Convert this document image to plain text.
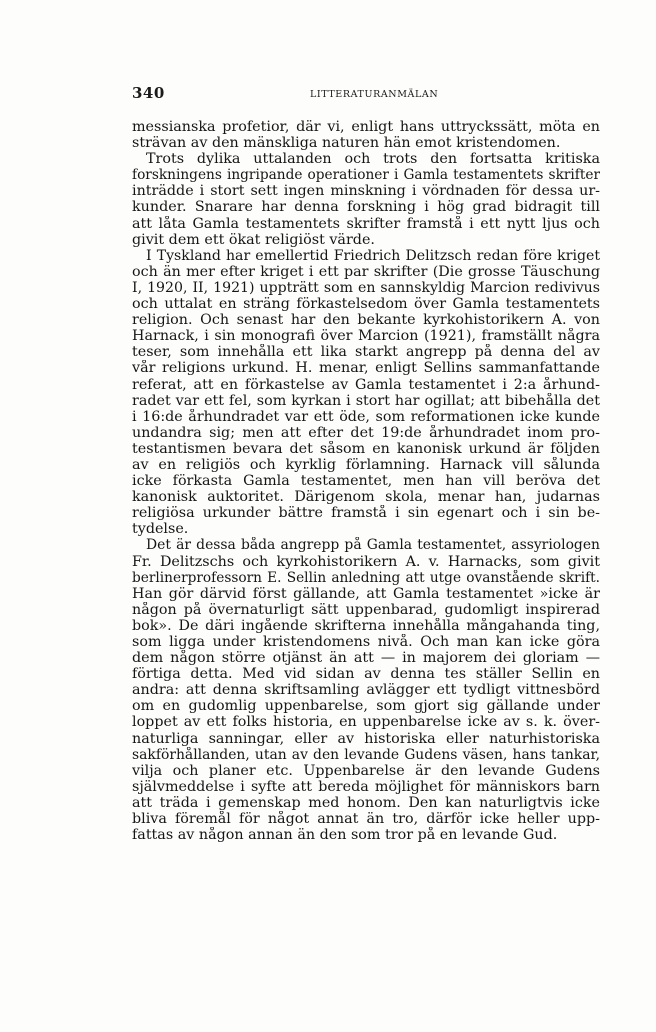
340	LITTERATURANMÄLAN
messianska profetior, där vi, enligt hans uttryckssätt, möta en
strävan av den mänskliga naturen hän emot kristendomen.
Trots dylika uttalanden och trots den fortsatta kritiska
forskningens ingripande operationer i Gamla testamentets skrifter
inträdde i stort sett ingen minskning i vördnaden för dessa ur-
kunder. Snarare har denna forskning i hög grad bidragit till
att låta Gamla testamentets skrifter framstå i ett nytt ljus och
givit dem ett ökat religiöst värde.
I Tyskland har emellertid Friedrich Delitzsch redan före kriget
och än mer efter kriget i ett par skrifter (Die grosse Täuschung
I, 1920, II, 1921) uppträtt som en sannskyldig Marcion redivivus
och uttalat en sträng förkastelsedom över Gamla testamentets
religion. Och senast har den bekante kyrkohistorikern A. von
Harnack, i sin monografi över Marcion (1921), framställt några
teser, som innehålla ett lika starkt angrepp på denna del av
vår religions urkund. H. menar, enligt Sellins sammanfattande
referat, att en förkastelse av Gamla testamentet i 2:a århund-
radet var ett fel, som kyrkan i stort har ogillat; att bibehålla det
i 16:de århundradet var ett öde, som reformationen icke kunde
undandra sig; men att efter det 19:de århundradet inom pro-
testantismen bevara det såsom en kanonisk urkund är följden
av en religiös och kyrklig förlamning. Harnack vill sålunda
icke förkasta Gamla testamentet, men han vill beröva det
kanonisk auktoritet. Därigenom skola, menar han, judarnas
religiösa urkunder bättre framstå i sin egenart och i sin be-
tydelse.
Det är dessa båda angrepp på Gamla testamentet, assyriologen
Fr. Delitzschs och kyrkohistorikern A. v. Harnacks, som givit
berlinerprofessorn E. Sellin anledning att utge ovanstående skrift.
Han gör därvid först gällande, att Gamla testamentet »icke är
någon på övernaturligt sätt uppenbarad, gudomligt inspirerad
bok». De däri ingående skrifterna innehålla mångahanda ting,
som ligga under kristendomens nivå. Och man kan icke göra
dem någon större otjänst än att — in majorem dei gloriam —
förtiga detta. Med vid sidan av denna tes ställer Sellin en
andra: att denna skriftsamling avlägger ett tydligt vittnesbörd
om en gudomlig uppenbarelse, som gjort sig gällande under
loppet av ett folks historia, en uppenbarelse icke av s. k. över-
naturliga sanningar, eller av historiska eller naturhistoriska
sakförhållanden, utan av den levande Gudens väsen, hans tankar,
vilja och planer etc. Uppenbarelse är den levande Gudens
självmeddelse i syfte att bereda möjlighet för människors barn
att träda i gemenskap med honom. Den kan naturligtvis icke
bliva föremål för något annat än tro, därför icke heller upp-
fattas av någon annan än den som tror på en levande Gud.
